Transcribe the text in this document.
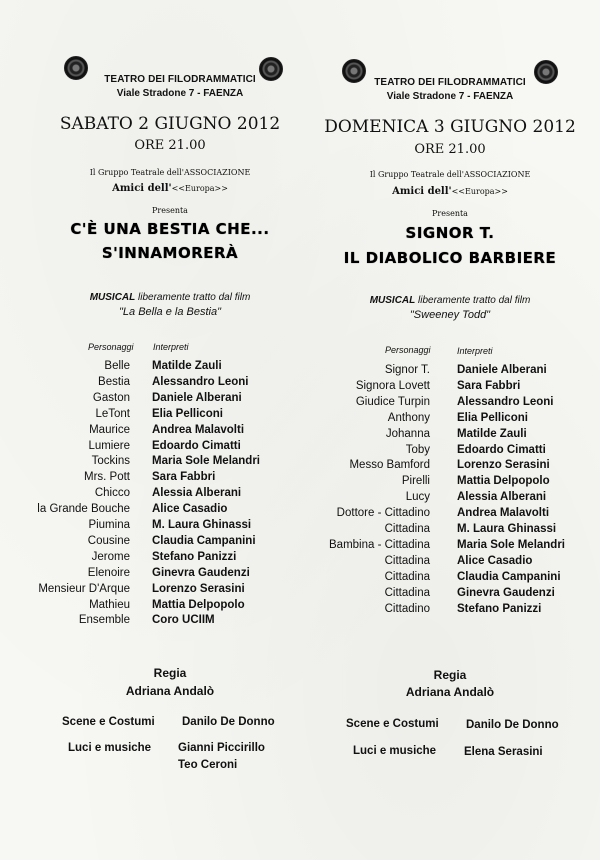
TEATRO DEI FILODRAMMATICI
Viale Stradone 7 - FAENZA
SABATO 2 GIUGNO 2012
ORE 21.00
Il Gruppo Teatrale dell'ASSOCIAZIONE
Amici dell'<<Europa>>
Presenta
C'È UNA BESTIA CHE...
S'INNAMORERÀ
MUSICAL liberamente tratto dal film
"La Bella e la Bestia"
Personaggi Interpreti
Belle Matilde Zauli
Bestia Alessandro Leoni
Gaston Daniele Alberani
LeTont Elia Pelliconi
Maurice Andrea Malavolti
Lumiere Edoardo Cimatti
Tockins Maria Sole Melandri
Mrs. Pott Sara Fabbri
Chicco Alessia Alberani
la Grande Bouche Alice Casadio
Piumina M. Laura Ghinassi
Cousine Claudia Campanini
Jerome Stefano Panizzi
Elenoire Ginevra Gaudenzi
Mensieur D'Arque Lorenzo Serasini
Mathieu Mattia Delpopolo
Ensemble Coro UCIIM
Regia
Adriana Andalò
Scene e Costumi Danilo De Donno
Luci e musiche Gianni Piccirillo
Teo Ceroni
TEATRO DEI FILODRAMMATICI
Viale Stradone 7 - FAENZA
DOMENICA 3 GIUGNO 2012
ORE 21.00
Il Gruppo Teatrale dell'ASSOCIAZIONE
Amici dell'<<Europa>>
Presenta
SIGNOR T.
IL DIABOLICO BARBIERE
MUSICAL liberamente tratto dal film
"Sweeney Todd"
Personaggi	Interpreti
Signor T. Daniele Alberani
Signora Lovett Sara Fabbri
Giudice Turpin Alessandro Leoni
Anthony Elia Pelliconi
Johanna Matilde Zauli
Toby Edoardo Cimatti
Messo Bamford Lorenzo Serasini
Pirelli Mattia Delpopolo
Lucy Alessia Alberani
Dottore - Cittadino Andrea Malavolti
Cittadina M. Laura Ghinassi
Bambina - Cittadina Maria Sole Melandri
Cittadina Alice Casadio
Cittadina Claudia Campanini
Cittadina Ginevra Gaudenzi
Cittadino Stefano Panizzi
Regia
Adriana Andalò
Scene e Costumi Danilo De Donno
Luci e musiche Elena Serasini
